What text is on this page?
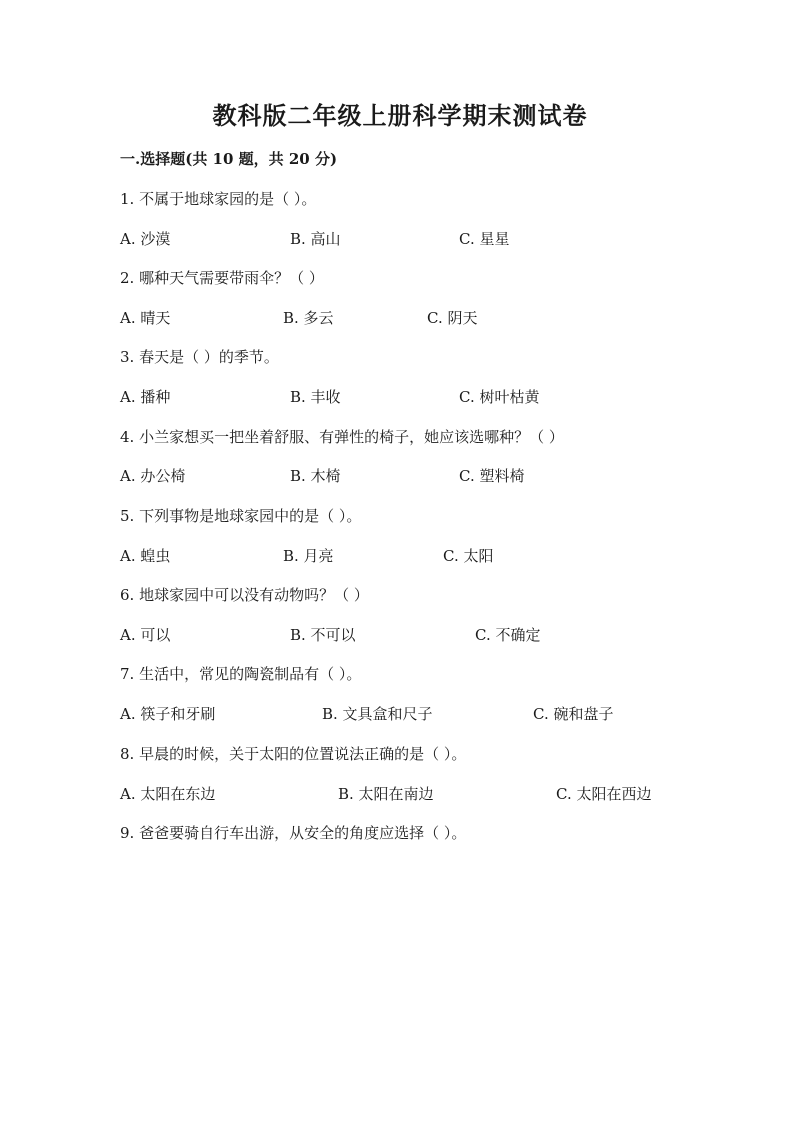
教科版二年级上册科学期末测试卷
一.选择题(共 10 题，共 20 分)
1. 不属于地球家园的是（ ）。
A. 沙漠	B. 高山	C. 星星
2. 哪种天气需要带雨伞？（ ）
A. 晴天	B. 多云	C. 阴天
3. 春天是（ ）的季节。
A. 播种	B. 丰收	C. 树叶枯黄
4. 小兰家想买一把坐着舒服、有弹性的椅子，她应该选哪种？（ ）
A. 办公椅	B. 木椅	C. 塑料椅
5. 下列事物是地球家园中的是（ ）。
A. 蝗虫	B. 月亮	C. 太阳
6. 地球家园中可以没有动物吗？（ ）
A. 可以	B. 不可以	C. 不确定
7. 生活中，常见的陶瓷制品有（ ）。
A. 筷子和牙刷	B. 文具盒和尺子	C. 碗和盘子
8. 早晨的时候，关于太阳的位置说法正确的是（ ）。
A. 太阳在东边	B. 太阳在南边	C. 太阳在西边
9. 爸爸要骑自行车出游，从安全的角度应选择（ ）。
